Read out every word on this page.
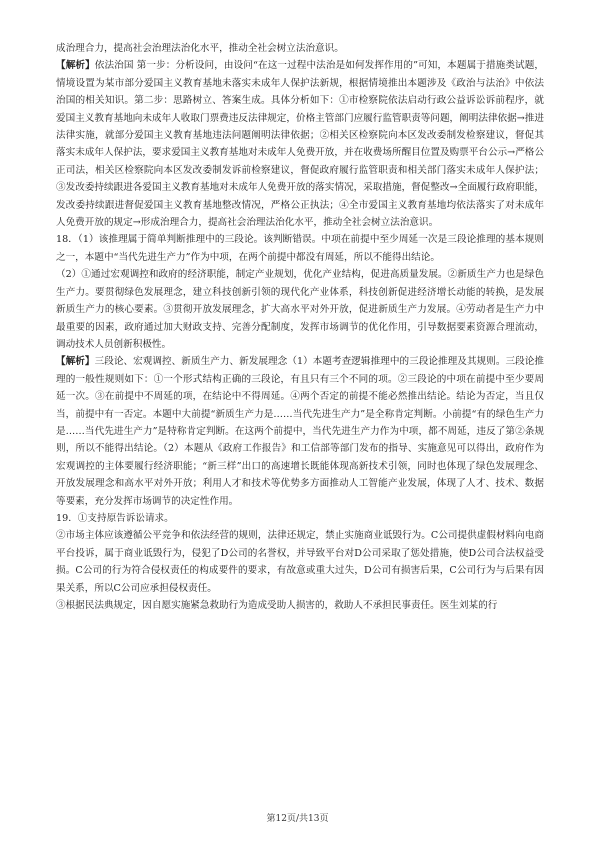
成治理合力，提高社会治理法治化水平，推动全社会树立法治意识。

【解析】依法治国 第一步：分析设问，由设问“在这一过程中法治是如何发挥作用的”可知，本题属于措施类试题，情境设置为某市部分爱国主义教育基地未落实未成年人保护法新规，根据情境推出本题涉及《政治与法治》中依法治国的相关知识。第二步：思路树立、答案生成。具体分析如下：①市检察院依法启动行政公益诉讼诉前程序，就爱国主义教育基地向未成年人收取门票费违反法律规定，价格主管部门应履行监管职责等问题，阐明法律依据→推进法律实施，就部分爱国主义教育基地违法问题阐明法律依据；②相关区检察院向本区发改委制发检察建议，督促其落实未成年人保护法，要求爱国主义教育基地对未成年人免费开放，并在收费场所醒目位置及购票平台公示→严格公正司法，相关区检察院向本区发改委制发诉前检察建议，督促政府履行监管职责和相关部门落实未成年人保护法；③发改委持续跟进各爱国主义教育基地对未成年人免费开放的落实情况，采取措施，督促整改→全面履行政府职能，发改委持续跟进督促爱国主义教育基地整改情况，严格公正执法；④全市爱国主义教育基地均依法落实了对未成年人免费开放的规定→形成治理合力，提高社会治理法治化水平，推动全社会树立法治意识。

18．（1）该推理属于简单判断推理中的三段论。该判断错误。中项在前提中至少周延一次是三段论推理的基本规则之一，本题中“当代先进生产力”作为中项，在两个前提中都没有周延，所以不能得出结论。

（2）①通过宏观调控和政府的经济职能，制定产业规划，优化产业结构，促进高质量发展。②新质生产力也是绿色生产力。要贯彻绿色发展理念，建立科技创新引领的现代化产业体系，科技创新促进经济增长动能的转换，是发展新质生产力的核心要素。③贯彻开放发展理念，扩大高水平对外开放，促进新质生产力发展。④劳动者是生产力中最重要的因素，政府通过加大财政支持、完善分配制度，发挥市场调节的优化作用，引导数据要素资源合理流动，调动技术人员创新积极性。

【解析】三段论、宏观调控、新质生产力、新发展理念（1）本题考查逻辑推理中的三段论推理及其规则。三段论推理的一般性规则如下：①一个形式结构正确的三段论，有且只有三个不同的项。②三段论的中项在前提中至少要周延一次。③在前提中不周延的项，在结论中不得周延。④两个否定的前提不能必然推出结论。结论为否定，当且仅当，前提中有一否定。本题中大前提“新质生产力是……当代先进生产力”是全称肯定判断。小前提“有的绿色生产力是……当代先进生产力”是特称肯定判断。在这两个前提中，当代先进生产力作为中项，都不周延，违反了第②条规则，所以不能得出结论。（2）本题从《政府工作报告》和工信部等部门发布的指导、实施意见可以得出，政府作为宏观调控的主体要履行经济职能；“新三样”出口的高速增长既能体现高新技术引领，同时也体现了绿色发展理念、开放发展理念和高水平对外开放；利用人才和技术等优势多方面推动人工智能产业发展，体现了人才、技术、数据等要素，充分发挥市场调节的决定性作用。

19．①支持原告诉讼请求。

②市场主体应该遵循公平竞争和依法经营的规则，法律还规定，禁止实施商业诋毁行为。C公司提供虚假材料向电商平台投诉，属于商业诋毁行为，侵犯了D公司的名誉权，并导致平台对D公司采取了惩处措施，使D公司合法权益受损。C公司的行为符合侵权责任的构成要件的要求，有故意或重大过失，D公司有损害后果，C公司行为与后果有因果关系，所以C公司应承担侵权责任。

③根据民法典规定，因自愿实施紧急救助行为造成受助人损害的，救助人不承担民事责任。医生刘某的行

第12页/共13页
